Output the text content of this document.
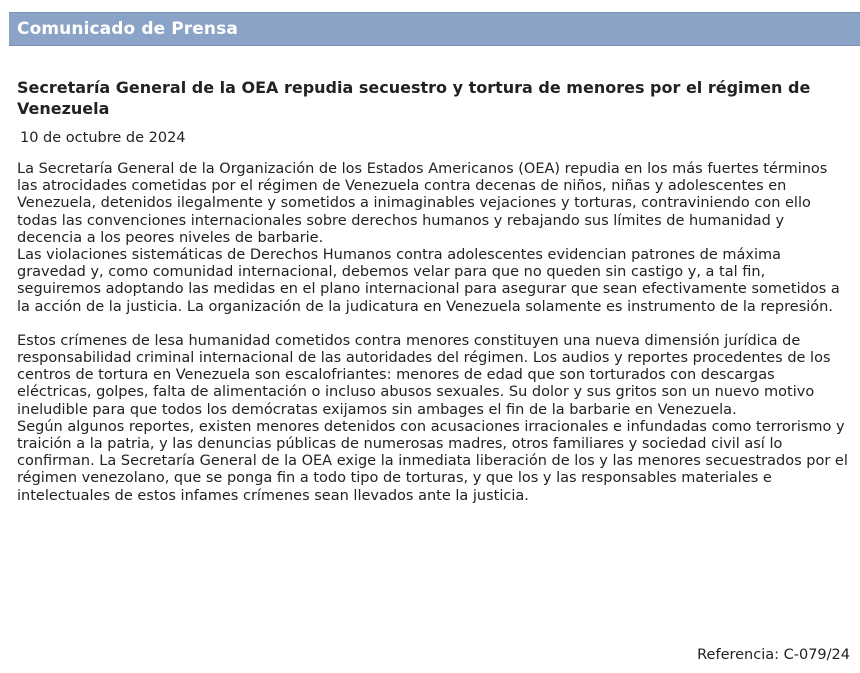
Comunicado de Prensa
Secretaría General de la OEA repudia secuestro y tortura de menores por el régimen de Venezuela
10 de octubre de 2024

La Secretaría General de la Organización de los Estados Americanos (OEA) repudia en los más fuertes términos las atrocidades cometidas por el régimen de Venezuela contra decenas de niños, niñas y adolescentes en Venezuela, detenidos ilegalmente y sometidos a inimaginables vejaciones y torturas, contraviniendo con ello todas las convenciones internacionales sobre derechos humanos y rebajando sus límites de humanidad y decencia a los peores niveles de barbarie.

Las violaciones sistemáticas de Derechos Humanos contra adolescentes evidencian patrones de máxima gravedad y, como comunidad internacional, debemos velar para que no queden sin castigo y, a tal fin, seguiremos adoptando las medidas en el plano internacional para asegurar que sean efectivamente sometidos a la acción de la justicia. La organización de la judicatura en Venezuela solamente es instrumento de la represión.

Estos crímenes de lesa humanidad cometidos contra menores constituyen una nueva dimensión jurídica de responsabilidad criminal internacional de las autoridades del régimen. Los audios y reportes procedentes de los centros de tortura en Venezuela son escalofriantes: menores de edad que son torturados con descargas eléctricas, golpes, falta de alimentación o incluso abusos sexuales. Su dolor y sus gritos son un nuevo motivo ineludible para que todos los demócratas exijamos sin ambages el fin de la barbarie en Venezuela.

Según algunos reportes, existen menores detenidos con acusaciones irracionales e infundadas como terrorismo y traición a la patria, y las denuncias públicas de numerosas madres, otros familiares y sociedad civil así lo confirman. La Secretaría General de la OEA exige la inmediata liberación de los y las menores secuestrados por el régimen venezolano, que se ponga fin a todo tipo de torturas, y que los y las responsables materiales e intelectuales de estos infames crímenes sean llevados ante la justicia.

Referencia: C-079/24
